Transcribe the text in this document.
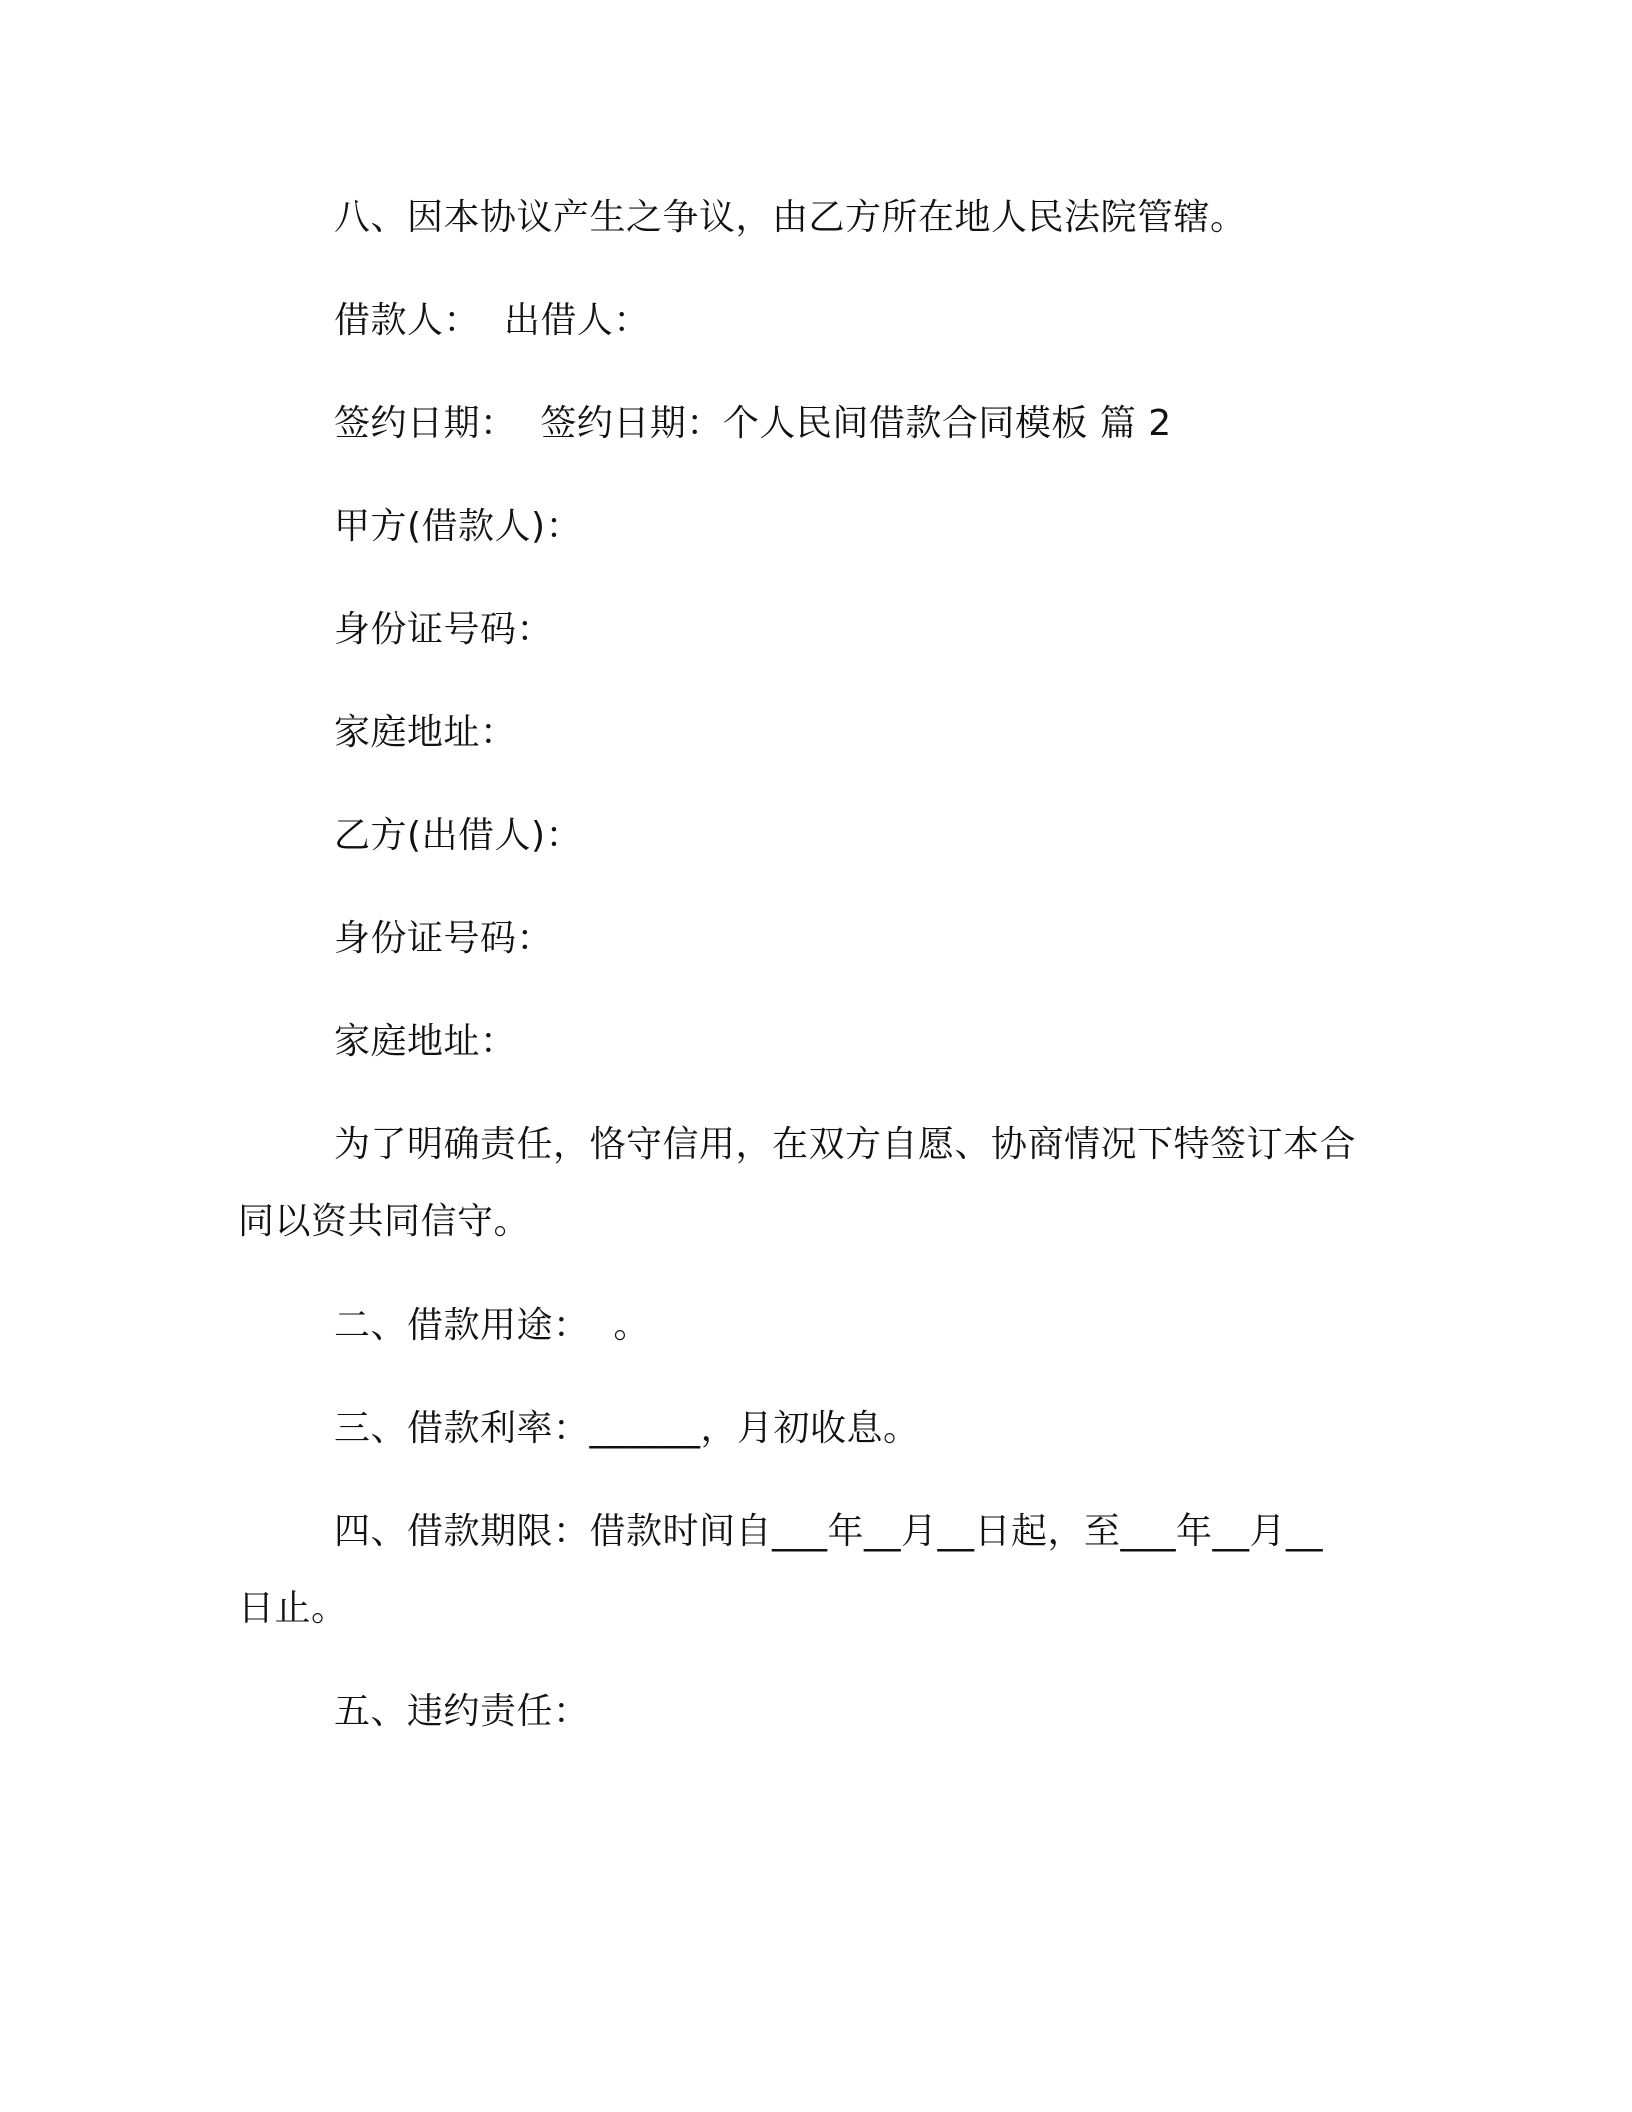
八、因本协议产生之争议，由乙方所在地人民法院管辖。
借款人：  出借人：
签约日期：  签约日期：个人民间借款合同模板 篇 2
甲方(借款人)：
身份证号码：
家庭地址：
乙方(出借人)：
身份证号码：
家庭地址：
为了明确责任，恪守信用，在双方自愿、协商情况下特签订本合
同以资共同信守。
二、借款用途：  。
三、借款利率：______，月初收息。
四、借款期限：借款时间自___年__月__日起，至___年__月__
日止。
五、违约责任：
